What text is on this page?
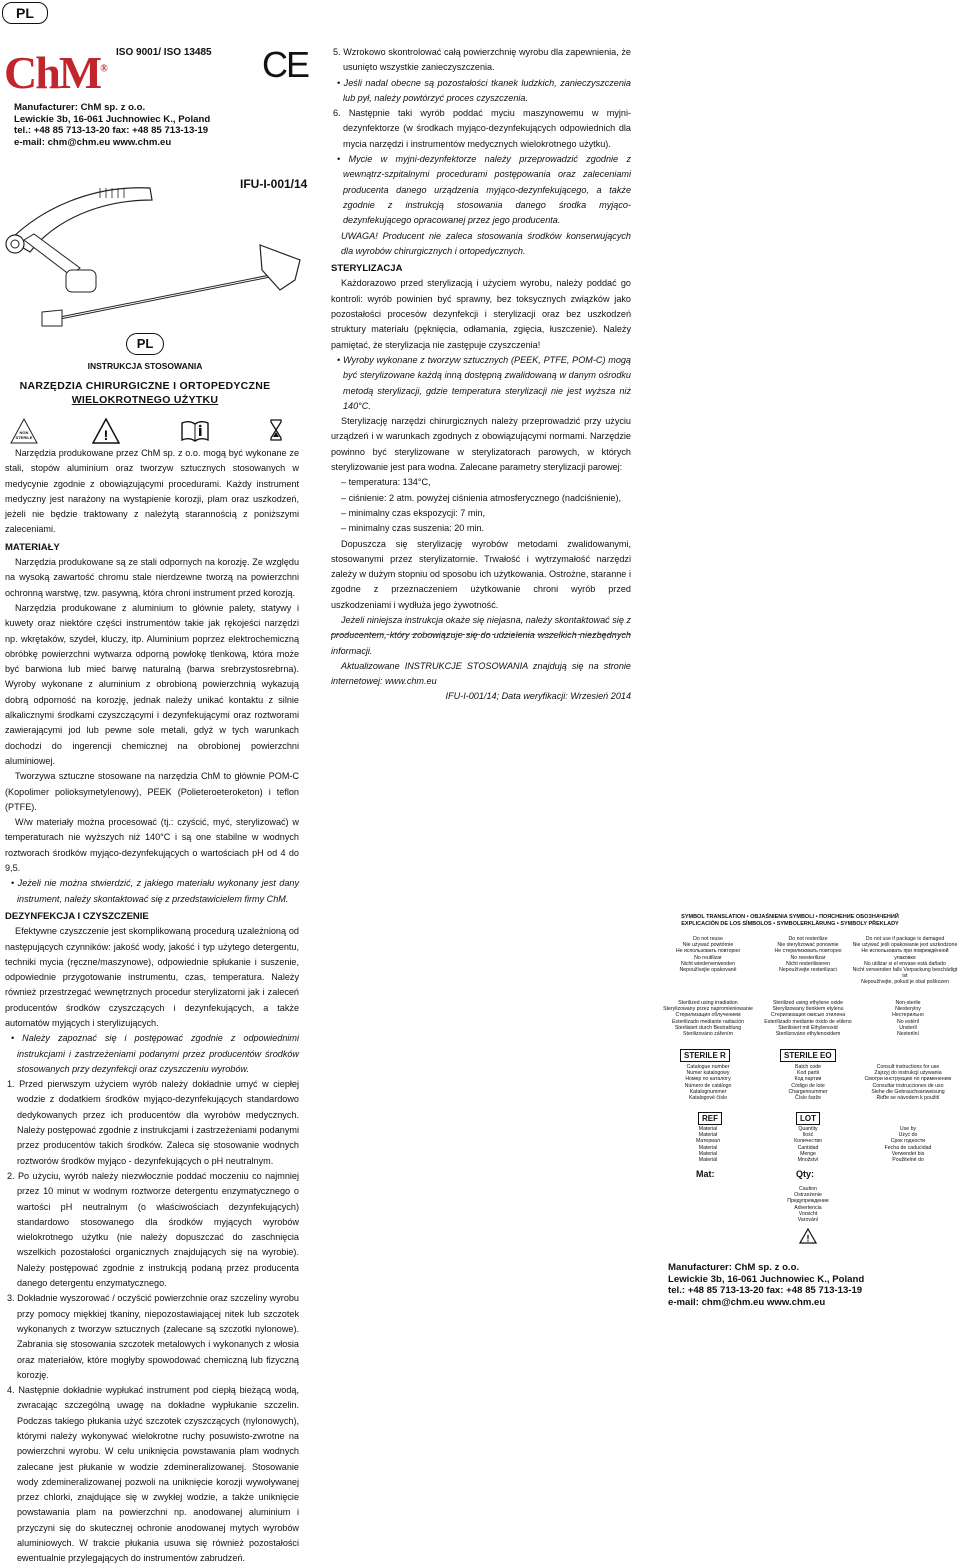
PL
ChM®
ISO 9001/ ISO 13485 CE
Manufacturer: ChM sp. z o.o.
Lewickie 3b, 16-061 Juchnowiec K., Poland
tel.: +48 85 713-13-20 fax: +48 85 713-13-19
e-mail: chm@chm.eu www.chm.eu
IFU-I-001/14
PL
INSTRUKCJA STOSOWANIA
NARZĘDZIA CHIRURGICZNE I ORTOPEDYCZNE
WIELOKROTNEGO UŻYTKU
NON STERILE	!

Narzędzia produkowane przez ChM sp. z o.o. mogą być wykonane ze stali, stopów aluminium oraz tworzyw sztucznych stosowanych w medycynie zgodnie z obowiązującymi procedurami. Każdy instrument medyczny jest narażony na wystąpienie korozji, plam oraz uszkodzeń, jeżeli nie będzie traktowany z należytą starannością z poniższymi zaleceniami.

MATERIAŁY

Narzędzia produkowane są ze stali odpornych na korozję. Ze względu na wysoką zawartość chromu stale nierdzewne tworzą na powierzchni ochronną warstwę, tzw. pasywną, która chroni instrument przed korozją.

Narzędzia produkowane z aluminium to głównie palety, statywy i kuwety oraz niektóre części instrumentów takie jak rękojeści narzędzi np. wkrętaków, szydeł, kluczy, itp. Aluminium poprzez elektrochemiczną obróbkę powierzchni wytwarza odporną powłokę tlenkową, która może być barwiona lub mieć barwę naturalną (barwa srebrzystosrebrna). Wyroby wykonane z aluminium z obrobioną powierzchnią wykazują dobrą odporność na korozję, jednak należy unikać kontaktu z silnie alkalicznymi środkami czyszczącymi i dezynfekującymi oraz roztworami zawierającymi jod lub pewne sole metali, gdyż w tych warunkach dochodzi do ingerencji chemicznej na obrobionej powierzchni aluminiowej.

Tworzywa sztuczne stosowane na narzędzia ChM to głównie POM-C (Kopolimer polioksymetylenowy), PEEK (Polieteroeteroketon) i teflon (PTFE).

W/w materiały można procesować (tj.: czyścić, myć, sterylizować) w temperaturach nie wyższych niż 140°C i są one stabilne w wodnych roztworach środków myjąco-dezynfekujących o wartościach pH od 4 do 9,5.

• Jeżeli nie można stwierdzić, z jakiego materiału wykonany jest dany instrument, należy skontaktować się z przedstawicielem firmy ChM.

DEZYNFEKCJA I CZYSZCZENIE

Efektywne czyszczenie jest skomplikowaną procedurą uzależnioną od następujących czynników: jakość wody, jakość i typ użytego detergentu, techniki mycia (ręczne/maszynowe), odpowiednie spłukanie i suszenie, odpowiednie przygotowanie instrumentu, czas, temperatura. Należy również przestrzegać wewnętrznych procedur sterylizatorni jak i zaleceń producentów środków czyszczących i dezynfekujących, a także automatów myjących i sterylizujących.

• Należy zapoznać się i postępować zgodnie z odpowiednimi instrukcjami i zastrzeżeniami podanymi przez producentów środków stosowanych przy dezynfekcji oraz czyszczeniu wyrobów.

1. Przed pierwszym użyciem wyrób należy dokładnie umyć w ciepłej wodzie z dodatkiem środków myjąco-dezynfekujących standardowo dedykowanych przez ich producentów dla wyrobów medycznych. Należy postępować zgodnie z instrukcjami i zastrzeżeniami podanymi przez producentów takich środków. Zaleca się stosowanie wodnych roztworów środków myjąco - dezynfekujących o pH neutralnym.

2. Po użyciu, wyrób należy niezwłocznie poddać moczeniu co najmniej przez 10 minut w wodnym roztworze detergentu enzymatycznego o wartości pH neutralnym (o właściwościach dezynfekujących) standardowo stosowanego dla środków myjących wyrobów wielokrotnego użytku (nie należy dopuszczać do zaschnięcia wszelkich pozostałości organicznych znajdujących się na wyrobie). Należy postępować zgodnie z instrukcją podaną przez producenta danego detergentu enzymatycznego.

3. Dokładnie wyszorować / oczyścić powierzchnie oraz szczeliny wyrobu przy pomocy miękkiej tkaniny, niepozostawiającej nitek lub szczotek wykonanych z tworzyw sztucznych (zalecane są szczotki nylonowe). Zabrania się stosowania szczotek metalowych i wykonanych z włosia oraz materiałów, które mogłyby spowodować chemiczną lub fizyczną korozję.

4. Następnie dokładnie wypłukać instrument pod ciepłą bieżącą wodą, zwracając szczególną uwagę na dokładne wypłukanie szczelin. Podczas takiego płukania użyć szczotek czyszczących (nylonowych), którymi należy wykonywać wielokrotne ruchy posuwisto-zwrotne na powierzchni wyrobu. W celu uniknięcia powstawania plam wodnych zalecane jest płukanie w wodzie zdemineralizowanej. Stosowanie wody zdemineralizowanej pozwoli na uniknięcie korozji wywoływanej przez chlorki, znajdujące się w zwykłej wodzie, a także uniknięcie powstawania plam na powierzchni np. anodowanej aluminium i przyczyni się do skutecznej ochronie anodowanej mytych wyrobów aluminiowych. W trakcie płukania usuwa się również pozostałości ewentualnie przylegających do instrumentów zabrudzeń.

5. Wzrokowo skontrolować całą powierzchnię wyrobu dla zapewnienia, że usunięto wszystkie zanieczyszczenia.

• Jeśli nadal obecne są pozostałości tkanek ludzkich, zanieczyszczenia lub pył, należy powtórzyć proces czyszczenia.

6. Następnie taki wyrób poddać myciu maszynowemu w myjni-dezynfektorze (w środkach myjąco-dezynfekujących odpowiednich dla mycia narzędzi i instrumentów medycznych wielokrotnego użytku).

• Mycie w myjni-dezynfektorze należy przeprowadzić zgodnie z wewnątrz-szpitalnymi procedurami postępowania oraz zaleceniami producenta danego urządzenia myjąco-dezynfekującego, a także zgodnie z instrukcją stosowania danego środka myjąco-dezynfekującego opracowanej przez jego producenta.

UWAGA! Producent nie zaleca stosowania środków konserwujących dla wyrobów chirurgicznych i ortopedycznych.

STERYLIZACJA

Każdorazowo przed sterylizacją i użyciem wyrobu, należy poddać go kontroli: wyrób powinien być sprawny, bez toksycznych związków jako pozostałości procesów dezynfekcji i sterylizacji oraz bez uszkodzeń struktury materiału (pęknięcia, odłamania, zgięcia, łuszczenie). Należy pamiętać, że sterylizacja nie zastępuje czyszczenia!

• Wyroby wykonane z tworzyw sztucznych (PEEK, PTFE, POM-C) mogą być sterylizowane każdą inną dostępną zwalidowaną w danym ośrodku metodą sterylizacji, gdzie temperatura sterylizacji nie jest wyższa niż 140°C.

Sterylizację narzędzi chirurgicznych należy przeprowadzić przy użyciu urządzeń i w warunkach zgodnych z obowiązującymi normami. Narzędzie powinno być sterylizowane w sterylizatorach parowych, w których sterylizowanie jest para wodna. Zalecane parametry sterylizacji parowej:

– temperatura: 134°C,

– ciśnienie: 2 atm. powyżej ciśnienia atmosferycznego (nadciśnienie),

– minimalny czas ekspozycji: 7 min,

– minimalny czas suszenia: 20 min.

Dopuszcza się sterylizację wyrobów metodami zwalidowanymi, stosowanymi przez sterylizatornie. Trwałość i wytrzymałość narzędzi zależy w dużym stopniu od sposobu ich użytkowania. Ostrożne, staranne i zgodne z przeznaczeniem użytkowanie chroni wyrób przed uszkodzeniami i wydłuża jego żywotność.

Jeżeli niniejsza instrukcja okaże się niejasna, należy skontaktować się z producentem, który zobowiązuje się do udzielenia wszelkich niezbędnych informacji.

Aktualizowane INSTRUKCJE STOSOWANIA znajdują się na stronie internetowej: www.chm.eu

IFU-I-001/14; Data weryfikacji: Wrzesień 2014

SYMBOL TRANSLATION • OBJAŚNIENIA SYMBOLI • ПОЯСНЕНИЕ ОБОЗНАЧЕНИЙ
EXPLICACIÓN DE LOS SÍMBOLOS • SYMBOLERKLÄRUNG • SYMBOLY PŘEKLADY
Do not reuse
Nie używać powtórnie
Не использовать повторно
No reutilizar
Nicht wiederverwenden
Nepoužívejte opakovaně
Do not resterilize
Nie sterylizować ponownie
Не стерилизовать повторно
No reesterilizar
Nicht resterilisieren
Nepoužívejte resterilizaci
Do not use if package is damaged
Nie używać jeśli opakowanie jest uszkodzone
Не использовать при повреждённой упаковке
No utilizar si el envase está dañado
Nicht verwenden falls Verpackung beschädigt ist
Nepoužívejte, pokud je obal poškozen
Sterilized using irradiation
Sterylizowany przez napromieniowanie
Стерилизация облучением
Esterilizado mediante radiación
Sterilisiert durch Bestrahlung
Sterilizováno zářením
Sterilized using ethylene oxide
Sterylizowany tlenkiem etylenu
Стерилизация окисью этилена
Esterilizado mediante óxido de etileno
Sterilisiert mit Ethylenoxid
Sterilizováno ethylenoxidem
Non-sterile
Niesterylny
Нестерильно
No estéril
Unsteril
Nesterilní
STERILE R	STERILE EO
Catalogue number
Numer katalogowy
Номер по каталогу
Número de catálogo
Katalognummer
Katalogové číslo
Batch code
Kod partii
Код партии
Código de lote
Chargennummer
Číslo šarže
Consult instructions for use
Zajrzyj do instrukcji używania
Смотри инструкцию по применению
Consultar instrucciones de uso
Siehe die Gebrauchsanweisung
Řiďte se návodem k použití
REF	LOT
Material
Materiał
Материал
Material
Material
Materiál
Quantity
Ilość
Количество
Cantidad
Menge
Množství
Use by
Użyć do
Срок годности
Fecha de caducidad
Verwendet bis
Použitelné do
Mat:	Qty:
Caution
Ostrzeżenie
Предупреждение
Advertencia
Vorsicht
Varování
!
Manufacturer: ChM sp. z o.o.
Lewickie 3b, 16-061 Juchnowiec K., Poland
tel.: +48 85 713-13-20 fax: +48 85 713-13-19
e-mail: chm@chm.eu www.chm.eu
